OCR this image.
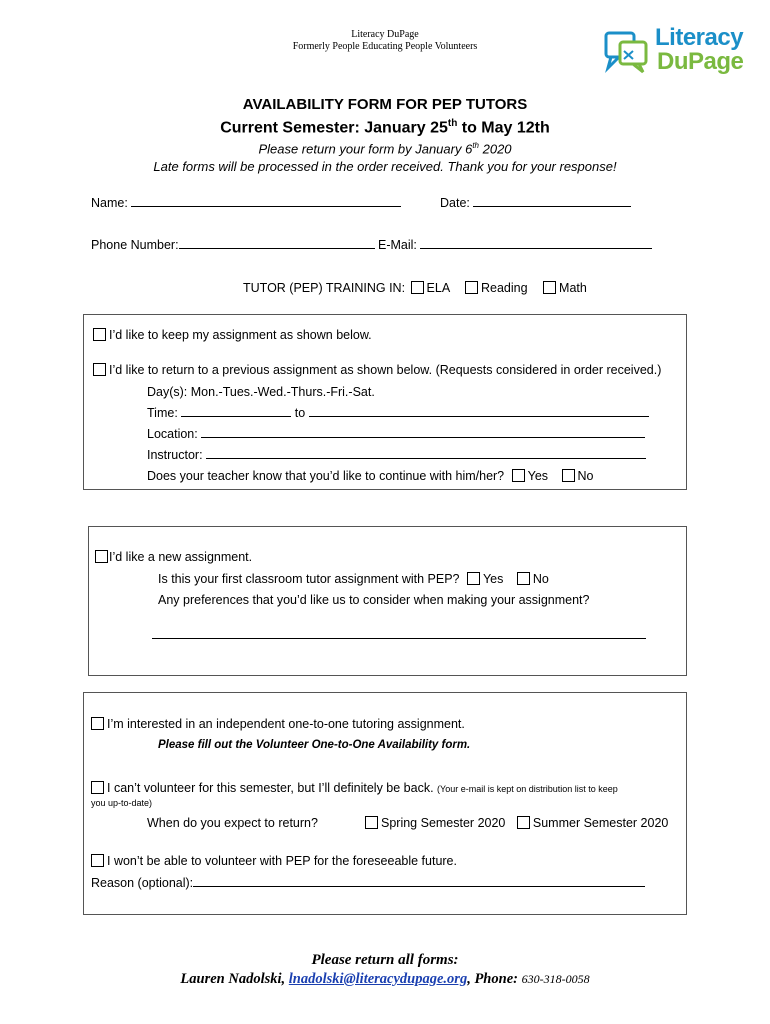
Literacy DuPage
Formerly People Educating People Volunteers	Literacy
DuPage
AVAILABILITY FORM FOR PEP TUTORS
Current Semester: January 25th to May 12th
Please return your form by January 6th 2020
Late forms will be processed in the order received. Thank you for your response!
Name:	Date:
Phone Number:	E-Mail:
TUTOR (PEP) TRAINING IN: ELA	Reading	Math
I’d like to keep my assignment as shown below.
I’d like to return to a previous assignment as shown below. (Requests considered in order received.)
Day(s): Mon.-Tues.-Wed.-Thurs.-Fri.-Sat.
Time:	to
Location:
Instructor:
Does your teacher know that you’d like to continue with him/her? Yes No
I’d like a new assignment.
Is this your first classroom tutor assignment with PEP? Yes No
Any preferences that you’d like us to consider when making your assignment?
I’m interested in an independent one-to-one tutoring assignment.
Please fill out the Volunteer One-to-One Availability form.
I can’t volunteer for this semester, but I’ll definitely be back. (Your e-mail is kept on distribution list to keep
you up-to-date)
When do you expect to return?	Spring Semester 2020 Summer Semester 2020
I won’t be able to volunteer with PEP for the foreseeable future.
Reason (optional):
Please return all forms:
Lauren Nadolski, lnadolski@literacydupage.org, Phone: 630-318-0058
